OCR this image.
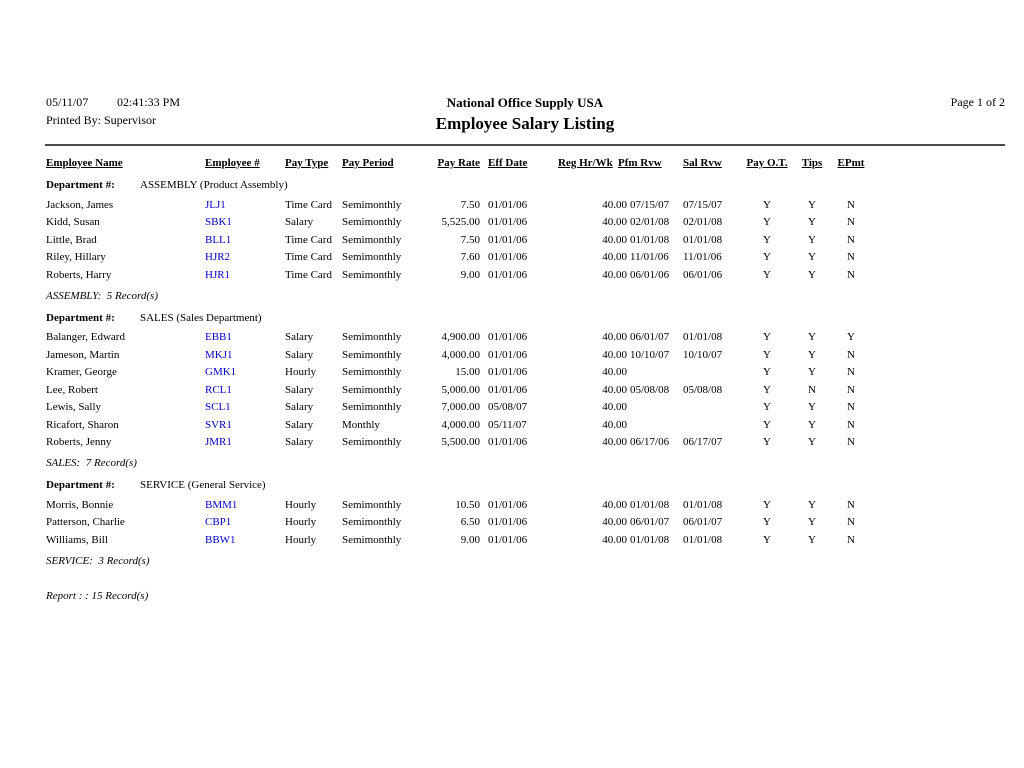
05/11/07 02:41:33 PM
Printed By: Supervisor
National Office Supply USA
Employee Salary Listing
Page 1 of 2
Employee Name	Employee # Pay Type Pay Period	Pay Rate Eff Date	Reg Hr/Wk Pfm Rvw Sal Rvw Pay O.T.	Tips	EPmt
Department #: ASSEMBLY (Product Assembly)
Jackson, James	JLJ1	Time Card Semimonthly	7.50 01/01/06	40.00 07/15/07 07/15/07	Y	Y	N
Kidd, Susan	SBK1	Salary	Semimonthly	5,525.00 01/01/06	40.00 02/01/08 02/01/08	Y	Y	N
Little, Brad	BLL1	Time Card Semimonthly	7.50 01/01/06	40.00 01/01/08 01/01/08	Y	Y	N
Riley, Hillary	HJR2	Time Card Semimonthly	7.60 01/01/06	40.00 11/01/06 11/01/06	Y	Y	N
Roberts, Harry	HJR1	Time Card Semimonthly	9.00 01/01/06	40.00 06/01/06 06/01/06	Y	Y	N
ASSEMBLY:  5 Record(s)
Department #: SALES (Sales Department)
Balanger, Edward	EBB1	Salary	Semimonthly	4,900.00 01/01/06	40.00 06/01/07 01/01/08	Y	Y	Y
Jameson, Martin	MKJ1	Salary	Semimonthly	4,000.00 01/01/06	40.00 10/10/07 10/10/07	Y	Y	N
Kramer, George	GMK1	Hourly Semimonthly	15.00 01/01/06	40.00	Y	Y	N
Lee, Robert	RCL1	Salary	Semimonthly	5,000.00 01/01/06	40.00 05/08/08 05/08/08	Y	N	N
Lewis, Sally	SCL1	Salary	Semimonthly	7,000.00 05/08/07	40.00	Y	Y	N
Ricafort, Sharon	SVR1	Salary	Monthly	4,000.00 05/11/07	40.00	Y	Y	N
Roberts, Jenny	JMR1	Salary	Semimonthly	5,500.00 01/01/06	40.00 06/17/06 06/17/07	Y	Y	N
SALES:  7 Record(s)
Department #: SERVICE (General Service)
Morris, Bonnie	BMM1	Hourly Semimonthly	10.50 01/01/06	40.00 01/01/08 01/01/08	Y	Y	N
Patterson, Charlie	CBP1	Hourly Semimonthly	6.50 01/01/06	40.00 06/01/07 06/01/07	Y	Y	N
Williams, Bill	BBW1	Hourly Semimonthly	9.00 01/01/06	40.00 01/01/08 01/01/08	Y	Y	N
SERVICE:  3 Record(s)
Report : : 15 Record(s)
